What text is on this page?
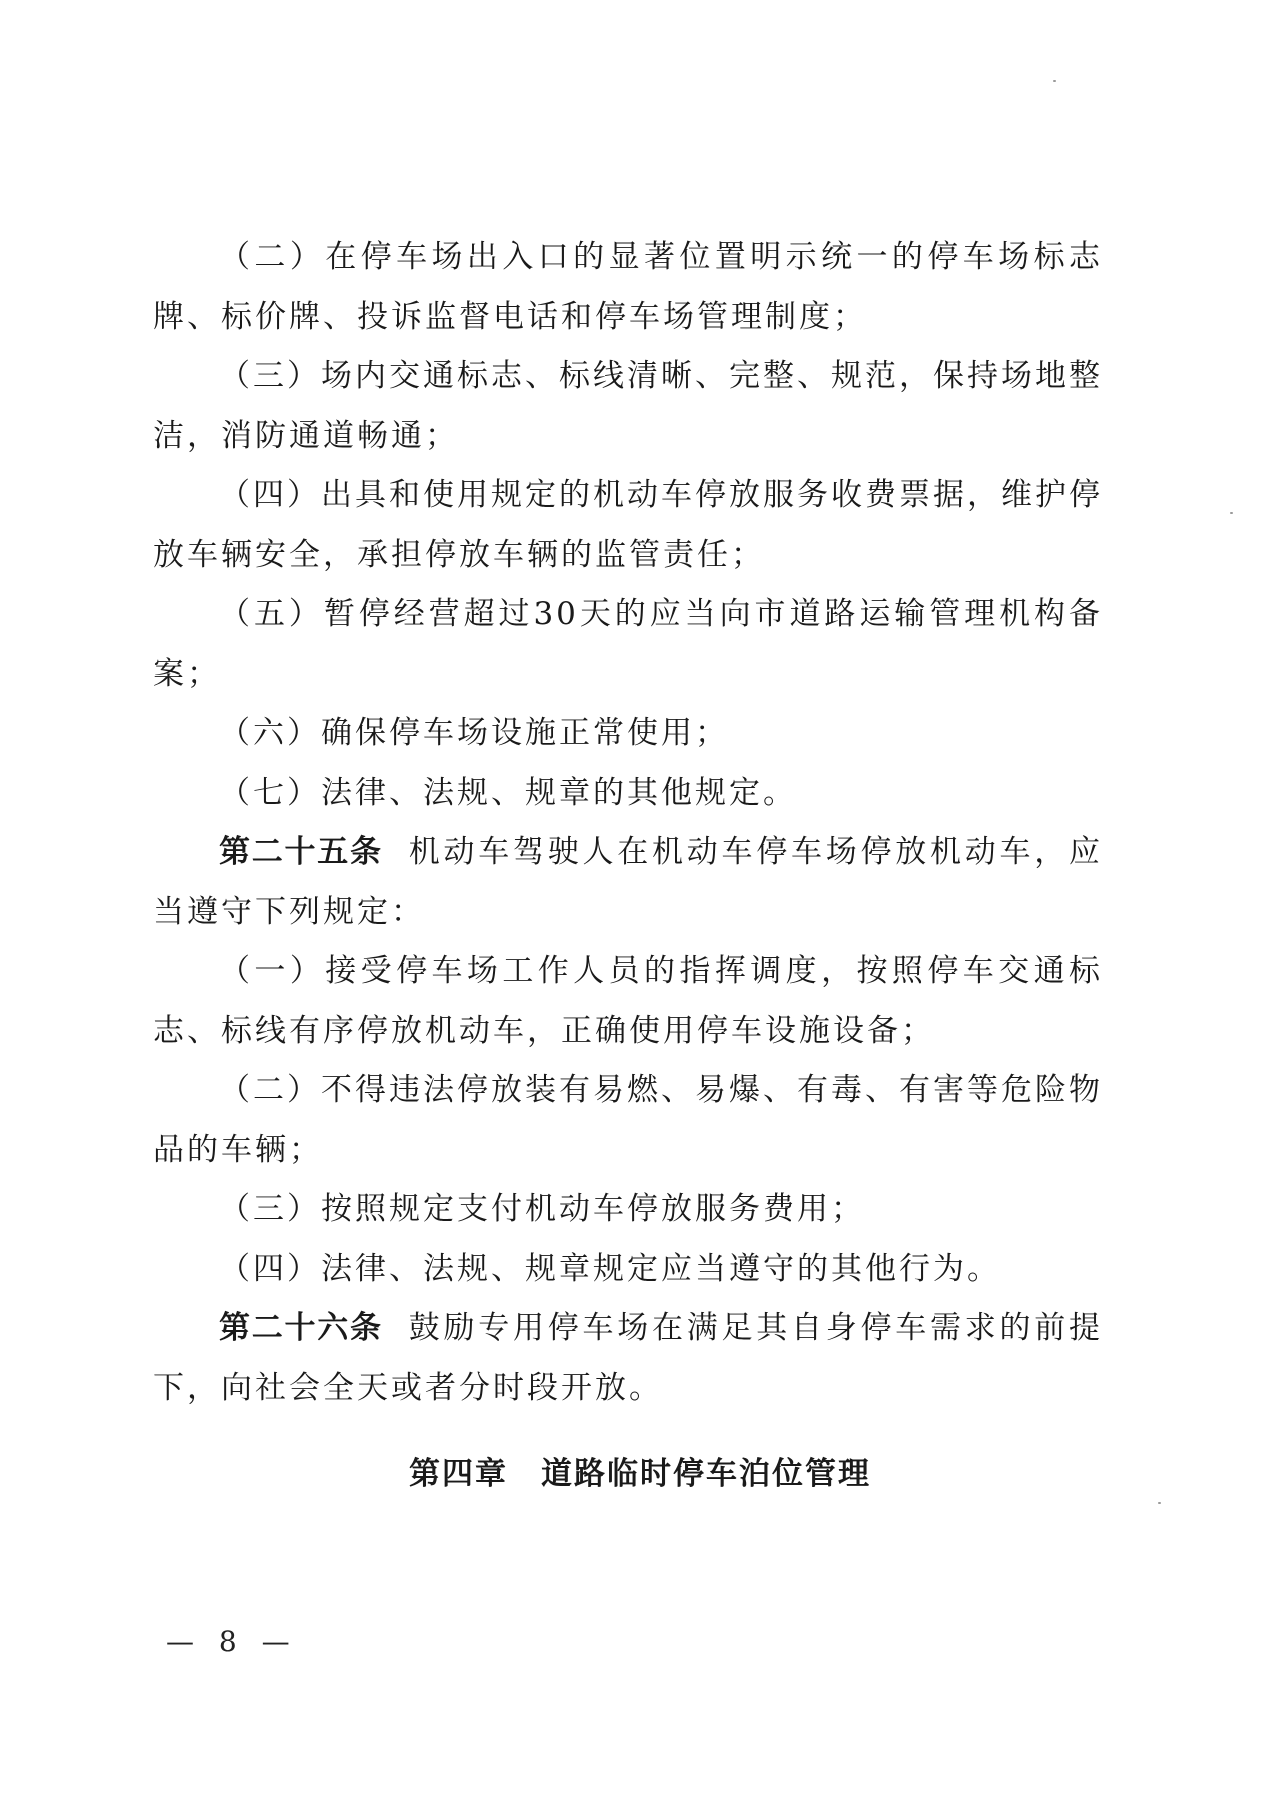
（二）在停车场出入口的显著位置明示统一的停车场标志牌、标价牌、投诉监督电话和停车场管理制度；

（三）场内交通标志、标线清晰、完整、规范，保持场地整洁，消防通道畅通；

（四）出具和使用规定的机动车停放服务收费票据，维护停放车辆安全，承担停放车辆的监管责任；

（五）暂停经营超过30天的应当向市道路运输管理机构备案；

（六）确保停车场设施正常使用；

（七）法律、法规、规章的其他规定。

第二十五条 机动车驾驶人在机动车停车场停放机动车，应当遵守下列规定：

（一）接受停车场工作人员的指挥调度，按照停车交通标志、标线有序停放机动车，正确使用停车设施设备；

（二）不得违法停放装有易燃、易爆、有毒、有害等危险物品的车辆；

（三）按照规定支付机动车停放服务费用；

（四）法律、法规、规章规定应当遵守的其他行为。

第二十六条 鼓励专用停车场在满足其自身停车需求的前提下，向社会全天或者分时段开放。

第四章　道路临时停车泊位管理
— 8 —
